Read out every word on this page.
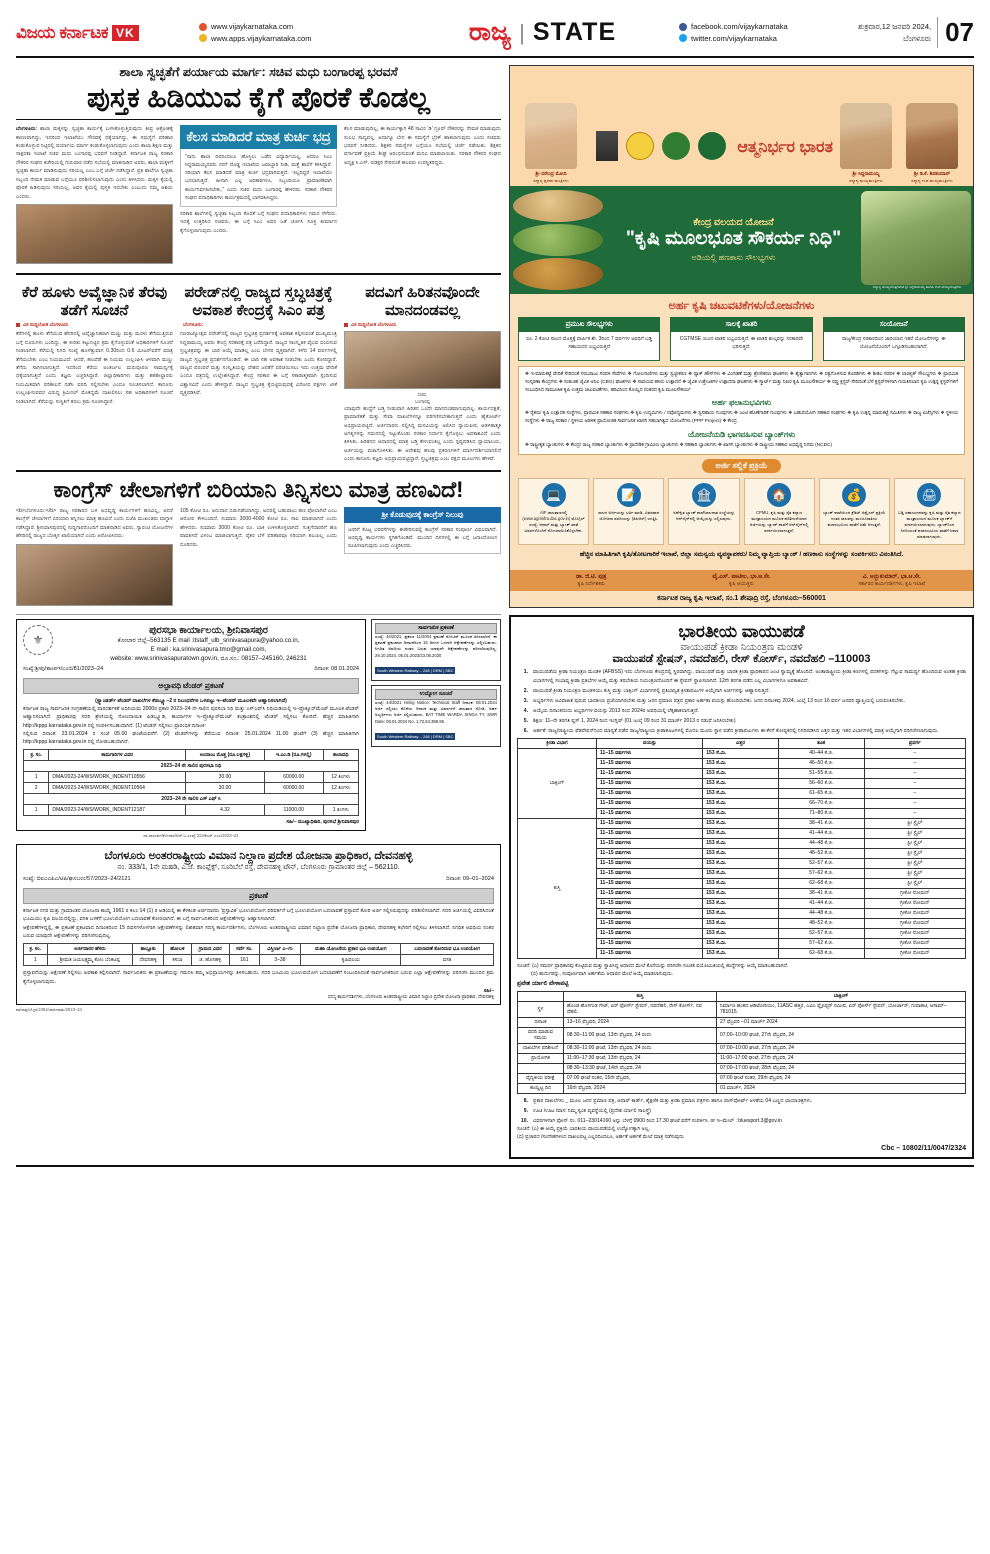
ವಿಜಯ ಕರ್ನಾಟಕ VK	www.vijaykarnataka.com
www.apps.vijaykarnataka.com	ರಾಜ್ಯ | STATE	facebook.com/vijaykarnataka
twitter.com/vijaykarnataka
ಶುಕ್ರವಾರ,12 ಜನವರಿ 2024,
ಬೆಂಗಳೂರು 07
ಶಾಲಾ ಸ್ವಚ್ಛತೆಗೆ ಪರ್ಯಾಯ ಮಾರ್ಗ: ಸಚಿವ ಮಧು ಬಂಗಾರಪ್ಪ ಭರವಸೆ
ಪುಸ್ತಕ ಹಿಡಿಯುವ ಕೈಗೆ ಪೊರಕೆ ಕೊಡಲ್ಲ
ಬೆಂಗಳೂರು: ಶಾಲಾ ಮಕ್ಕಳನ್ನು ಸ್ವಚ್ಛತಾ ಕಾರ್ಯಕ್ಕೆ ಬಳಸಿಕೊಳ್ಳುತ್ತಿರುವುದು ತೀವ್ರ ಆಕ್ರೋಶಕ್ಕೆ ಕಾರಣವಾಗಿದ್ದು, ಇದರಿಂದ ಇಲಾಖೆಯು ಗೌರವಕ್ಕೆ ಧಕ್ಕೆಯಾಗಿದ್ದು, ಈ ಸಮಸ್ಯೆಗೆ ಪರಿಹಾರ ಕಂಡುಕೊಳ್ಳುವ ನಿಟ್ಟಿನಲ್ಲಿ ಪರ್ಯಾಯ ಮಾರ್ಗ ಕಂಡುಕೊಳ್ಳಲಾಗುವುದು ಎಂದು ಶಾಲಾ ಶಿಕ್ಷಣ ಮತ್ತು ಸಾಕ್ಷರತಾ ಇಲಾಖೆ ಸಚಿವ ಮಧು ಬಂಗಾರಪ್ಪ ಭರವಸೆ ನೀಡಿದ್ದಾರೆ. ಕರ್ನಾಟಕ ರಾಜ್ಯ ಸರಕಾರಿ ನೌಕರರ ಸಂಘದ ಕಚೇರಿಯಲ್ಲಿ ಗುರುವಾರ ನಡೆದ ಸಭೆಯಲ್ಲಿ ಮಾತನಾಡಿದ ಅವರು, ಶಾಲಾ ಮಕ್ಕಳಿಗೆ ಸ್ವಚ್ಛತಾ ಕಾರ್ಯ ಮಾಡಿಸುವುದು ಸರಿಯಲ್ಲ ಎಂಬ ಬಗ್ಗೆ ಚರ್ಚೆ ನಡೆಸಿದ್ದಾರೆ. ಪ್ರತಿ ಶಾಲೆಗೂ ಸ್ವಚ್ಛತಾ ಸಿಬ್ಬಂದಿ ನೇಮಕ ಮಾಡುವ ಬಗ್ಗೆಯೂ ಪರಿಶೀಲಿಸಲಾಗುವುದು ಎಂದು ತಿಳಿಸಿದರು. ಮಕ್ಕಳ ಕೈಯಲ್ಲಿ ಪೊರಕೆ ಹಿಡಿಸುವುದು ಸರಿಯಲ್ಲ, ಅವರ ಕೈಯಲ್ಲಿ ಪುಸ್ತಕ ಇರಬೇಕು ಎಂಬುದು ನಮ್ಮ ಆಶಯ ಎಂದರು.
ಕೆಲಸ ಮಾಡಿದರೆ ಮಾತ್ರ ಕುರ್ಚಿ ಭದ್ರ
"ನಾನು ಶಾಲಾ ದಿನದಿಂದಲೂ ಹೊಸ್ತಿಲು ಒಡೆದ ವಿದ್ಯಾರ್ಥಿಯಲ್ಲ, ಆದರೂ ಸಿಎಂ ಸಿದ್ದರಾಮಯ್ಯನವರು ನನಗೆ ದೊಡ್ಡ ಇಲಾಖೆಯ ಜವಾಬ್ದಾರಿ ನೀಡಿ, ಮತ್ತೆ ಶಾಲೆಗೆ ಕಳಿಸಿದ್ದಾರೆ. ಸರಿಯಾಗಿ ಕೆಲಸ ಮಾಡಿದರೆ ಮಾತ್ರ ಕುರ್ಚಿ ಭದ್ರವಾಗಿರುತ್ತದೆ. ಇಲ್ಲದಿದ್ದರೆ ಇಲಾಖೆಯೇ ಬದಲಾಗುತ್ತದೆ. ಹೀಗಾಗಿ ಎಲ್ಲ ಅಧಿಕಾರಿಗಳೂ, ಸಿಬ್ಬಂದಿಯೂ ಪ್ರಾಮಾಣಿಕವಾಗಿ ಕಾರ್ಯನಿರ್ವಹಿಸಬೇಕು," ಎಂದು ಸಚಿವ ಮಧು ಬಂಗಾರಪ್ಪ ಹೇಳಿದರು. ಸರಕಾರಿ ನೌಕರರ ಸಂಘದ ಪದಾಧಿಕಾರಿಗಳು ಕಾರ್ಯಕ್ರಮದಲ್ಲಿ ಭಾಗವಹಿಸಿದ್ದರು.
ಸರಕಾರಿ ಶಾಲೆಗಳಲ್ಲಿ ಸ್ವಚ್ಛತಾ ಸಿಬ್ಬಂದಿ ಕೊರತೆ ಬಗ್ಗೆ ಸಂಘದ ಪದಾಧಿಕಾರಿಗಳು ಗಮನ ಸೆಳೆದರು. ಇದಕ್ಕೆ ಉತ್ತರಿಸಿದ ಸಚಿವರು, ಈ ಬಗ್ಗೆ ಸಿಎಂ ಅವರ ಜತೆ ಚರ್ಚಿಸಿ ಸೂಕ್ತ ತೀರ್ಮಾನ ಕೈಗೊಳ್ಳಲಾಗುವುದು ಎಂದರು.
ಕೆಲಸ ಮಾಡುವುದಿಲ್ಲ, ಈ ಕಾರ್ಯಕ್ಕಾಗಿ 48 ಸಾವಿರ 'ಡಿ' ಗ್ರೂಪ್ ನೌಕರರನ್ನು ನೇಮಕ ಮಾಡುವುದು ಸುಲಭ ಸಾಧ್ಯವಲ್ಲ. ಆದಾಗ್ಯೂ ಬೇಗ ಈ ಸಮಸ್ಯೆಗೆ ಬ್ರೇಕ್ ಹಾಕಲಾಗುವುದು ಎಂದು ಸಚಿವರು ಭರವಸೆ ನೀಡಿದರು. ಶಿಕ್ಷಕರ ಸಮಸ್ಯೆಗಳ ಬಗ್ಗೆಯೂ ಸಭೆಯಲ್ಲಿ ಚರ್ಚೆ ನಡೆಯಿತು. ಶಿಕ್ಷಕರ ವರ್ಗಾವಣೆ ಪ್ರಕ್ರಿಯೆ ಶೀಘ್ರ ಆರಂಭಿಸುವಂತೆ ಮನವಿ ಮಾಡಲಾಯಿತು. ಸರಕಾರಿ ನೌಕರರ ಸಂಘದ ಅಧ್ಯಕ್ಷ ಸಿ.ಎಸ್. ಷಡಕ್ಷರಿ ಸೇರಿದಂತೆ ಹಲವರು ಉಪಸ್ಥಿತರಿದ್ದರು.
ಕೆರೆ ಹೂಳು ಅವೈಜ್ಞಾನಿಕ ತೆರವು ತಡೆಗೆ ಸೂಚನೆ
ವಿಕ ಸುದ್ದಿಲೋಕ ಬೆಂಗಳೂರು
ಕೆರೆಗಳಲ್ಲಿ ಹೂಳು ತೆಗೆಯುವ ಹೆಸರಿನಲ್ಲಿ ಅವೈಜ್ಞಾನಿಕವಾಗಿ ಮಣ್ಣು ಮತ್ತು ಮರಳು ತೆಗೆಯುತ್ತಿರುವ ಬಗ್ಗೆ ದೂರುಗಳು ಬಂದಿದ್ದು, ಈ ಕುರಿತು ಕಟ್ಟುನಿಟ್ಟಿನ ಕ್ರಮ ಕೈಗೊಳ್ಳುವಂತೆ ಅಧಿಕಾರಿಗಳಿಗೆ ಸೂಚನೆ ನೀಡಲಾಗಿದೆ. ಕೆರೆಯಲ್ಲಿ ನಿಗದಿ ಸಂಖ್ಯೆ ಹೂಳೆತ್ತುವಾಗ 0.30ರಿಂದ 0.6 ಮೀಟರ್‌ವರೆಗೆ ಮಾತ್ರ ತೆಗೆಯಬೇಕು ಎಂಬ ನಿಯಮವಿದೆ. ಆದರೆ, ಹಲವೆಡೆ ಈ ನಿಯಮ ಉಲ್ಲಂಘಿಸಿ ಆಳವಾಗಿ ಮಣ್ಣು ತೆಗೆದು ಸಾಗಿಸಲಾಗುತ್ತಿದೆ. ಇದರಿಂದ ಕೆರೆಯ ಅಂತರ್ಜಲ ಮರುಪೂರಣ ಸಾಮರ್ಥ್ಯಕ್ಕೆ ಧಕ್ಕೆಯಾಗುತ್ತಿದೆ ಎಂದು ತಜ್ಞರು ಎಚ್ಚರಿಸಿದ್ದಾರೆ. ಜಿಲ್ಲಾಧಿಕಾರಿಗಳು ಮತ್ತು ತಹಶೀಲ್ದಾರರು ನಿಯಮಿತವಾಗಿ ಪರಿಶೀಲನೆ ನಡೆಸಿ ವರದಿ ಸಲ್ಲಿಸಬೇಕು ಎಂದೂ ಸೂಚಿಸಲಾಗಿದೆ. ಕಾನೂನು ಉಲ್ಲಂಘಿಸುವವರ ವಿರುದ್ಧ ಕ್ರಿಮಿನಲ್ ಮೊಕದ್ದಮೆ ದಾಖಲಿಸಲು ಸಹ ಅಧಿಕಾರಿಗಳಿಗೆ ಸೂಚನೆ ನೀಡಲಾಗಿದೆ. ಕೆರೆಯನ್ನು ಸುಸ್ಥಿತಿಗೆ ತರಲು ಕ್ರಮ ಸೂಚಿಸಿದ್ದಾರೆ.
ಪರೇಡ್‌ನಲ್ಲಿ ರಾಜ್ಯದ ಸ್ತಬ್ಧಚಿತ್ರಕ್ಕೆ ಅವಕಾಶ ಕೇಂದ್ರಕ್ಕೆ ಸಿಎಂ ಪತ್ರ
ಬೆಂಗಳೂರು:
ಗಣರಾಜ್ಯೋತ್ಸವ ಪರೇಡ್‌ನಲ್ಲಿ ರಾಜ್ಯದ ಸ್ತಬ್ಧಚಿತ್ರ ಪ್ರದರ್ಶನಕ್ಕೆ ಅವಕಾಶ ಕಲ್ಪಿಸುವಂತೆ ಮುಖ್ಯಮಂತ್ರಿ ಸಿದ್ದರಾಮಯ್ಯ ಅವರು ಕೇಂದ್ರ ಸರಕಾರಕ್ಕೆ ಪತ್ರ ಬರೆದಿದ್ದಾರೆ. ರಾಜ್ಯದ ಸಾಂಸ್ಕೃತಿಕ ವೈಭವ ಬಿಂಬಿಸುವ ಸ್ತಬ್ಧಚಿತ್ರವನ್ನು ಈ ಬಾರಿ ಆಯ್ಕೆ ಮಾಡಿಲ್ಲ ಎಂಬ ಬೇಸರ ವ್ಯಕ್ತವಾಗಿದೆ. ಕಳೆದ 14 ವರ್ಷಗಳಲ್ಲಿ ರಾಜ್ಯದ ಸ್ತಬ್ಧಚಿತ್ರ ಪ್ರದರ್ಶನಗೊಂಡಿದೆ. ಈ ಬಾರಿ ಸಹ ಅವಕಾಶ ನೀಡಬೇಕು ಎಂದು ಕೋರಿದ್ದಾರೆ. ರಾಜ್ಯದ ಪರಂಪರೆ ಮತ್ತು ಸಂಸ್ಕೃತಿಯನ್ನು ದೇಶದ ಜನತೆಗೆ ಪರಿಚಯಿಸಲು ಇದು ಉತ್ತಮ ವೇದಿಕೆ ಎಂದೂ ಪತ್ರದಲ್ಲಿ ಉಲ್ಲೇಖಿಸಿದ್ದಾರೆ. ಕೇಂದ್ರ ಸರಕಾರ ಈ ಬಗ್ಗೆ ಸಕಾರಾತ್ಮಕವಾಗಿ ಸ್ಪಂದಿಸುವ ವಿಶ್ವಾಸವಿದೆ ಎಂದು ಹೇಳಿದ್ದಾರೆ. ರಾಜ್ಯದ ಸ್ತಬ್ಧಚಿತ್ರ ಕೈಬಿಟ್ಟಿರುವುದಕ್ಕೆ ವಿರೋಧ ಪಕ್ಷಗಳು ಟೀಕೆ ವ್ಯಕ್ತಪಡಿಸಿವೆ.
ಪದವಿಗೆ ಹಿರಿತನವೊಂದೇ ಮಾನದಂಡವಲ್ಲ
ವಿಕ ಸುದ್ದಿಲೋಕ ಬೆಂಗಳೂರು
ಸಚಿವ,
ಬಂಗಾರಪ್ಪ
ಯಾವುದೇ ಹುದ್ದೆಗೆ ಬಡ್ತಿ ನೀಡುವಾಗ ಹಿರಿತನ ಒಂದೇ ಮಾನದಂಡವಾಗುವುದಿಲ್ಲ. ಕಾರ್ಯದಕ್ಷತೆ, ಪ್ರಾಮಾಣಿಕತೆ ಮತ್ತು ಸೇವಾ ದಾಖಲೆಗಳನ್ನೂ ಪರಿಗಣಿಸಬೇಕಾಗುತ್ತದೆ ಎಂದು ಹೈಕೋರ್ಟ್ ಅಭಿಪ್ರಾಯಪಟ್ಟಿದೆ. ಅರ್ಜಿದಾರರು ಸಲ್ಲಿಸಿದ್ದ ಮನವಿಯನ್ನು ಆಲಿಸಿದ ನ್ಯಾಯಪೀಠ, ಆಡಳಿತಾತ್ಮಕ ಅಗತ್ಯಗಳನ್ನು ಗಮನದಲ್ಲಿ ಇಟ್ಟುಕೊಂಡು ಸರಕಾರ ನಿರ್ಧಾರ ಕೈಗೊಳ್ಳಲು ಅವಕಾಶವಿದೆ ಎಂದು ತಿಳಿಸಿತು. ಹಿರಿತನದ ಆಧಾರದಲ್ಲಿ ಮಾತ್ರ ಬಡ್ತಿ ಕೇಳುವಂತಿಲ್ಲ ಎಂದು ಸ್ಪಷ್ಟಪಡಿಸಿದ ನ್ಯಾಯಾಲಯ, ಅರ್ಜಿಯನ್ನು ವಜಾಗೊಳಿಸಿತು. ಈ ಆದೇಶವು ಹಲವು ಪ್ರಕರಣಗಳಿಗೆ ಮಾರ್ಗದರ್ಶಿಯಾಗಲಿದೆ ಎಂದು ಕಾನೂನು ತಜ್ಞರು ಅಭಿಪ್ರಾಯಪಟ್ಟಿದ್ದಾರೆ. ಸ್ತಬ್ಧಚಿತ್ರವು ಎಂಬ ಪಕ್ಷದ ಮೂಲಗಳು ಹೇಳಿವೆ.
ಕಾಂಗ್ರೆಸ್ ಚೇಲಾಗಳಿಗೆ ಬಿರಿಯಾನಿ ತಿನ್ನಿಸಲು ಮಾತ್ರ ಹಣವಿದೆ!
<b>ಬೆಂಗಳೂರು:</b> ರಾಜ್ಯ ಸರಕಾರದ ಬಳಿ ಅಭಿವೃದ್ಧಿ ಕಾರ್ಯಗಳಿಗೆ ಹಣವಿಲ್ಲ, ಆದರೆ ಕಾಂಗ್ರೆಸ್ ಚೇಲಾಗಳಿಗೆ ಬಿರಿಯಾನಿ ತಿನ್ನಿಸಲು ಮಾತ್ರ ಹಣವಿದೆ ಎಂದು ಬಿಜೆಪಿ ಮುಖಂಡರು ವಾಗ್ದಾಳಿ ನಡೆಸಿದ್ದಾರೆ. ಶ್ರೀನಿವಾಸಪುರದಲ್ಲಿ ಸುದ್ದಿಗಾರರೊಂದಿಗೆ ಮಾತನಾಡಿದ ಅವರು, ಗ್ಯಾರಂಟಿ ಯೋಜನೆಗಳ ಹೆಸರಿನಲ್ಲಿ ರಾಜ್ಯದ ಬೊಕ್ಕಸ ಖಾಲಿಯಾಗಿದೆ ಎಂದು ಆರೋಪಿಸಿದರು.
105 ಕೋಟಿ ರೂ. ಅನುದಾನ ಬಿಡುಗಡೆಯಾಗಿದ್ದು, ಅದರಲ್ಲಿ ಬಹುಪಾಲು ಹಣ ಪೋಲಾಗಿದೆ ಎಂಬ ಆರೋಪ ಕೇಳಿಬಂದಿದೆ. ಸುಮಾರು 3000-4000 ಕೋಟಿ ರೂ. ಸಾಲ ಮಾಡಲಾಗಿದೆ ಎಂದು ಹೇಳಿದರು. ಸುಮಾರು 3000 ಕೋಟಿ ರೂ. ಬಾಕಿ ಉಳಿಸಿಕೊಳ್ಳಲಾಗಿದೆ. ಗುತ್ತಿಗೆದಾರರಿಗೆ ಹಣ ಪಾವತಿಸದೆ ವಿಳಂಬ ಮಾಡಲಾಗುತ್ತಿದೆ. ರೈತರ ಬೆಳೆ ಪರಿಹಾರವೂ ಸರಿಯಾಗಿ ತಲುಪಿಲ್ಲ ಎಂದು ದೂರಿದರು.
ಶ್ರೀ ಕೊಡುವುದಕ್ಕೆ ಕಾಂಗ್ರೆಸ್ ನಿಲುವು
ಜನರಿಗೆ ಕೊಟ್ಟ ಭರವಸೆಗಳನ್ನು ಈಡೇರಿಸುವಲ್ಲಿ ಕಾಂಗ್ರೆಸ್ ಸರಕಾರ ಸಂಪೂರ್ಣ ವಿಫಲವಾಗಿದೆ. ಅಭಿವೃದ್ಧಿ ಕಾರ್ಯಗಳು ಸ್ಥಗಿತಗೊಂಡಿವೆ. ಮುಂದಿನ ದಿನಗಳಲ್ಲಿ ಈ ಬಗ್ಗೆ ಜನಾಂದೋಲನ ರೂಪಿಸಲಾಗುವುದು ಎಂದು ಎಚ್ಚರಿಸಿದರು.
⚜
ಪುರಸಭಾ ಕಾರ್ಯಾಲಯ, ಶ್ರೀನಿವಾಸಪುರ
ಕೋಲಾರ ಜಿಲ್ಲೆ–563135 E mail :itstaff_ulb_srinivasapura@yahoo.co.in,
E mail : ka.srinivasapura.tmo@gmail.com,
website: www.srinivasapuratown.gov.in, ದೂ.ಸಂ.: 08157–245160, 246231
ಸಂಖ್ಯೆ:ಶ್ರೀಪು/ತಾಂಪಇ/ಎಂಬಿ/81/2023–24	ದಿನಾಂಕ: 08.01.2024
ಅಲ್ಪಾವಧಿ ಟೆಂಡರ್ ಪ್ರಕಟಣೆ
(ಸ್ಟ್ಯಾಂಡರ್ಡ್ ಟೆಂಡರ್ ದಾಖಲೆಗಳ ಕೆಡಬ್ಲ್ಯೂ–2 ರ ನಿಬಂಧನೆಗಳ ಒಳಪಟ್ಟು ಇ–ಟೆಂಡರ್ ಮೂಲಕವೇ ಆಹ್ವಾನಿಸಲಾಗಿದೆ)
ಕರ್ನಾಟಕ ರಾಜ್ಯ ಸಾರ್ವಜನಿಕ ಸಂಗ್ರಹಣೆಯಲ್ಲಿ ಪಾರದರ್ಶಕತೆ ಅಧಿನಿಯಮ 2000ರ ಪ್ರಕಾರ 2023–24 ನೇ ಸಾಲಿನ ಪುರಸಭಾ ನಿಧಿ ಮತ್ತು ಎಸ್‌ಎಫ್‌ಸಿ ನಿಧಿಯಡಿಯಲ್ಲಿ ಇ–ಪ್ರೊಕ್ಯೂರ್‌ಮೆಂಟ್ ಮೂಲಕ ಟೆಂಡರ್ ಆಹ್ವಾನಿಸಲಾಗಿದೆ. ಪ್ರಾಧಿಕಾರವು ಸದರಿ ಶ್ರೇಣಿಯಲ್ಲಿ ನೋಂದಾಯಿತ ಪಿಡಬ್ಲ್ಯೂಡಿ, ಕಾರ್ಯಾಗಳ ಇ–ಪ್ರೊಕ್ಯೂರ್‌ಮೆಂಟ್ ತಂತ್ರಾಂಶದಲ್ಲಿ ಟೆಂಡರ್ ಸಲ್ಲಿಸಲು ಕೋರಿದೆ. ಹೆಚ್ಚಿನ ಮಾಹಿತಿಗಾಗಿ http://kppp.karnataka.gov.in ನಲ್ಲಿ ಸಂಪರ್ಕಿಸಬಹುದಾಗಿದೆ. (1) ಟೆಂಡರ್ ಸಲ್ಲಿಸಲು ಪ್ರಾರಂಭಿಕ ದಿನಾಂಕ:
ಸಲ್ಲಿಸುವ ದಿನಾಂಕ: 23.01.2024 ರ ಸಂಜೆ 05.00 ಘಂಟೆಯವರೆಗೆ. (2) ಟೆಂಡರ್‌ಗಳನ್ನು ತೆರೆಯುವ ದಿನಾಂಕ: 25.01.2024 11.00 ಘಂಟೆಗೆ (3) ಹೆಚ್ಚಿನ ಮಾಹಿತಿಗಾಗಿ http://kppp.karnataka.gov.in ನಲ್ಲಿ ನೋಡಬಹುದಾಗಿದೆ.
ಕ್ರ. ಸಂ.	ಕಾಮಗಾರಿಗಳ ವಿವರ	ಅಂದಾಜು ಮೊತ್ತ (ರೂ.ಲಕ್ಷಗಳ್ಲಿ)	ಇ.ಎಂ.ಡಿ (ರೂ.ಗಳಲ್ಲಿ)	ಕಾಲಾವಧಿ
2023–24 ನೇ ಸಾಲಿನ ಪುರಸಭಾ ನಿಧಿ				
1	DMA/2023-24/WS/WORK_INDENT10556	30.00	60000.00	12 ತಿಂಗಳು
2	DMA/2023-24/WS/WORK_INDENT10564	30.00	60000.00	12 ತಿಂಗಳು
2023–24 ನೇ ಸಾಲಿನ ಎಸ್ ಎಫ್ ಸಿ				
1	DMA/2023-24/WS/WORK_INDENT12187	4.32	11000.00	1 ತಿಂಗಳು
ಸಹಿ/– ಮುಖ್ಯಾಧಿಕಾರಿ, ಪುರಸಭೆ ಶ್ರೀನಿವಾಸಪುರ
ದಾ:ಸಾಸಂರ್ಪ/ಕೋಲಾರ/ಆರ್.ಓ.ಸಂಖ್ಯೆ:311/ಕೆಎಸ್ ಎಂಎ/2023–24
ಸಾರ್ವಜನಿಕ ಪ್ರಕಟಣೆ
ಸಂಖ್ಯೆ: 44/2021, ಪ್ರಕರಣ 11/2004 ಪ್ರಕಟಣೆ ನೋಟಿಸ್ ಮೂಲಕ ತಿಳಿಸಲಾಗಿದೆ. ಈ ಪ್ರಕಟಣೆ ಪ್ರಕಟವಾದ ದಿನಾಂಕದಿಂದ 15 ದಿನಗಳ ಒಳಗಾಗಿ ಆಕ್ಷೇಪಣೆಗಳನ್ನು ಸಲ್ಲಿಸಬಹುದು. ನಿಗದಿತ ಅವಧಿಯ ನಂತರ ಬರುವ ಯಾವುದೇ ಆಕ್ಷೇಪಣೆಗಳನ್ನು ಪರಿಗಣಿಸುವುದಿಲ್ಲ. 29.10.2024, 05.01.2023/23.08.2020
South Western Railway – 248 | DRM | SBC
ಉದ್ಯೋಗ ಸೂಚನೆ
ಸಂಖ್ಯೆ: 44/2021 Hiring Notice: Technical Staff ದಿನಾಂಕ: 08.01.2024 ಅರ್ಜಿ ಸಲ್ಲಿಸಲು ಕೊನೆಯ ದಿನಾಂಕ ಮತ್ತು ವಿವರಗಳಿಗೆ ಜಾಲತಾಣ ನೋಡಿ. ಅರ್ಹ ಅಭ್ಯರ್ಥಿಗಳು ಅರ್ಜಿ ಸಲ್ಲಿಸಬಹುದು. BAT TIME WARDA SINGA TY, SWR Date: 08.01.2024 No. 1,72,64,398.95
South Western Railway – 248 | DRM | SBC
ಬೆಂಗಳೂರು ಅಂತರರಾಷ್ಟ್ರೀಯ ವಿಮಾನ ನಿಲ್ದಾಣ ಪ್ರದೇಶ ಯೋಜನಾ ಪ್ರಾಧಿಕಾರ, ದೇವನಹಳ್ಳಿ
ನಂ. 333/1, 1ನೇ ಮಹಡಿ, ಎ.ಜೆ. ಕಾಂಪ್ಲೆಕ್ಸ್, ಸೂರಿಬೆಲೆ ರಸ್ತೆ, ದೇವನಹಳ್ಳಿ ಟೌನ್, ಬೆಂಗಳೂರು ಗ್ರಾಮಾಂತರ ಜಿಲ್ಲೆ – 562110.
ಸಂಖ್ಯೆ: ಬಿಐಎಎಪಿಎ/ಟಿಪಿ/ಘೂಬಉ/57/2023–24/2121	ದಿನಾಂಕ: 09–01–2024
ಪ್ರಕಟಣೆ
ಕರ್ನಾಟಕ ನಗರ ಮತ್ತು ಗ್ರಾಮಾಂತರ ಯೋಜನಾ ಕಾಯ್ದೆ 1961 ರ ಕಲಂ 14 (1) ರ ಅಡಿಯಲ್ಲಿ ಈ ಕೆಳಕಂಡ ಅರ್ಜಿದಾರರು 'ಪ್ರಸ್ತಾವಿತ' ಭೂಉಪಯೋಗ ಪರಿವರ್ತನೆ ಬಗ್ಗೆ ಭೂಉಪಯೋಗ ಬದಲಾವಣೆ ಪ್ರಸ್ತಾವನೆ ಕೋರಿ ಅರ್ಜಿ ಸಲ್ಲಿಸಿರುವುದನ್ನು ಪರಿಶೀಲಿಸಲಾಗಿದೆ. ಸದರಿ ಅರ್ಜಿಯಲ್ಲಿ ವಿವರಿಸಿದಂತೆ ಭೂಮಿಯು ಕೃಷಿ ವಲಯದಲ್ಲಿದ್ದು, ವಸತಿ ಬಳಕೆಗೆ ಭೂಉಪಯೋಗ ಬದಲಾವಣೆ ಕೋರಲಾಗಿದೆ. ಈ ಬಗ್ಗೆ ಸಾರ್ವಜನಿಕರಿಂದ ಆಕ್ಷೇಪಣೆಗಳನ್ನು ಆಹ್ವಾನಿಸಲಾಗಿದೆ.
ಆಕ್ಷೇಪಣೆಗಳಿದ್ದಲ್ಲಿ, ಈ ಪ್ರಕಟಣೆ ಪ್ರಕಟವಾದ ದಿನಾಂಕದಿಂದ 15 ದಿವಸಗಳೊಳಗಾಗಿ ಆಕ್ಷೇಪಣೆಗಳನ್ನು ಲಿಖಿತವಾಗಿ ಸದಸ್ಯ ಕಾರ್ಯದರ್ಶಿಗಳು, ಬೆಂಗಳೂರು ಅಂತರರಾಷ್ಟ್ರೀಯ ವಿಮಾನ ನಿಲ್ದಾಣ ಪ್ರದೇಶ ಯೋಜನಾ ಪ್ರಾಧಿಕಾರ, ದೇವನಹಳ್ಳಿ ಕಛೇರಿಗೆ ಸಲ್ಲಿಸಲು ತಿಳಿಸಲಾಗಿದೆ. ನಿಗಧಿತ ಅವಧಿಯ ನಂತರ ಬರುವ ಯಾವುದೇ ಆಕ್ಷೇಪಣೆಗಳನ್ನು ಪರಿಗಣಿಸುವುದಿಲ್ಲ.
ಕ್ರ. ಸಂ.	ಅರ್ಜಿದಾರರ ಹೆಸರು	ತಾಲ್ಲೂಕು	ಹೋಬಳಿ	ಗ್ರಾಮದ ವಿವರ	ಸರ್ವೆ ಸಂ.	ವಿಸ್ತೀರ್ಣ ಎ–ಗು	ಮಹಾ ಯೋಜನೆಯ ಪ್ರಕಾರ ಭೂ ಉಪಯೋಗ	ಬದಲಾವಣೆ ಕೋರಿರುವ ಭೂ ಉಪಯೋಗ
1	ಶ್ರೀಮತಿ ಜಯಲಕ್ಷ್ಮಮ್ಮ ಕೋಂ ಬೆಂಕಟಪ್ಪ	ದೇವನಹಳ್ಳಿ	ಕಸಬಾ	ಜಿ. ಹೊಸಹಳ್ಳಿ	161	3–38	ಕೃಷಿವಲಯ	ವಸತಿ
ಪ್ರಸ್ತಾವನೆಯನ್ನು ಆಕ್ಷೇಪಣೆ ಸಲ್ಲಿಸಲು ಅವಕಾಶ ಕಲ್ಪಿಸಲಾಗಿದೆ. ಸಾರ್ವಜನಿಕರು ಈ ಪ್ರಕಟಣೆಯನ್ನು ಗಮನಿಸಿ ತಮ್ಮ ಅಭಿಪ್ರಾಯಗಳನ್ನು ತಿಳಿಸಬಹುದು. ಸದರಿ ಭೂಮಿಯ ಭೂಉಪಯೋಗ ಬದಲಾವಣೆಗೆ ಸಂಬಂಧಿಸಿದಂತೆ ಸಾರ್ವಜನಿಕರಿಂದ ಬರುವ ಎಲ್ಲಾ ಆಕ್ಷೇಪಣೆಗಳನ್ನು ಪರಿಗಣಿಸಿ ಮುಂದಿನ ಕ್ರಮ ಕೈಗೊಳ್ಳಲಾಗುವುದು.
ಸಹಿ/–
ಸದಸ್ಯ ಕಾರ್ಯದರ್ಶಿಗಳು, ಬೆಂಗಳೂರು ಅಂತರರಾಷ್ಟ್ರೀಯ ವಿಮಾನ ನಿಲ್ದಾಣ ಪ್ರದೇಶ ಯೋಜನಾ ಪ್ರಾಧಿಕಾರ, ದೇವನಹಳ್ಳಿ
ವಾ/ಸಾಪ್ರ/ಬೆ.ಗ್ರಾ/2484/ಜಾಹೀರಾತು/2023–24
ಶ್ರೀ ನರೇಂದ್ರ ಮೋದಿ
ಸನ್ಮಾನ್ಯ ಪ್ರಧಾನ ಮಂತ್ರಿಗಳು
ಆತ್ಮನಿರ್ಭರ ಭಾರತ
ಶ್ರೀ ಸಿದ್ದರಾಮಯ್ಯ
ಸನ್ಮಾನ್ಯ ಮುಖ್ಯಮಂತ್ರಿಗಳು
ಶ್ರೀ ಡಿ.ಕೆ. ಶಿವಕುಮಾರ್
ಸನ್ಮಾನ್ಯ ಉಪ ಮುಖ್ಯಮಂತ್ರಿಗಳು
ಕೇಂದ್ರ ವಲಯದ ಯೋಜನೆ
"ಕೃಷಿ ಮೂಲಭೂತ ಸೌಕರ್ಯ ನಿಧಿ"
ಅಡಿಯಲ್ಲಿ ಹಣಕಾಸು ಸೌಲಭ್ಯಗಳು
ಸನ್ಮಾನ್ಯ ಮುಖ್ಯಮಂತ್ರಿಗಳಾದ ಶ್ರೀ ಸಿದ್ದರಾಮಯ್ಯ ಹಾಗೂ ಉಪ ಮುಖ್ಯಮಂತ್ರಿಗಳು
ಅರ್ಹ ಕೃಷಿ ಚಟುವಟಿಕೆಗಳು/ಯೋಜನೆಗಳು
ಪ್ರಮುಖ ಸೌಲಭ್ಯಗಳು
ರೂ. 2 ಕೋಟಿ ಸಾಲದ ಮೊತ್ತಕ್ಕೆ ವಾರ್ಷಿಕ ಶೇ. 3ರಿಂದ 7 ವರ್ಷಗಳ ಅವಧಿಗೆ ಬಡ್ಡಿ ಸಹಾಯಧನ ಲಭ್ಯವಿರುತ್ತದೆ
ಸಾಲಕ್ಕೆ ಖಾತರಿ
CGTMSE ಯಿಂದ ಖಾತರಿ ಲಭ್ಯವಿರುತ್ತದೆ. ಈ ಖಾತರಿ ಶುಲ್ಕವನ್ನು ಸರಕಾರವೇ ಭರಿಸುತ್ತದೆ.
ಸಂಯೋಜನೆ
ರಾಜ್ಯ/ಕೇಂದ್ರ ಸರಕಾರದಿಂದ ಜಾರಿಯಾದ ಇತರೆ ಯೋಜನೆಗಳನ್ನು ಈ ಯೋಜನೆಯೊಂದಿಗೆ ಒಗ್ಗೂಡಿಸಬಹುದಾಗಿದೆ.
❖ ಇ-ಮಾರುಕಟ್ಟೆ ವೇದಿಕೆ ಸೇರಿದಂತೆ ಸರಬರಾಜು ಸರಪಳಿ ಸೇವೆಗಳು ❖ ಗೋಲಗಾಣಿಗಳು ಮತ್ತು ಸ್ವಚ್ಛೀಕರಣ ❖ ಪ್ಯಾಕ್ ಹೌಸ್‌ಗಳು ❖ ವಿಂಗಡಣೆ ಮತ್ತು ಶ್ರೇಣೀಕರಣ ಘಟಕಗಳು ❖ ಶೈತ್ಯಾಗಾರಗಳು ❖ ಪಕ್ವಗೊಳಿಸುವ ಕೊಠಡಿಗಳು ❖ ಶೀತಲ ಸರಪಳಿ ❖ ಲಾಜಿಸ್ಟಿಕ್ ಸೌಲಭ್ಯಗಳು ❖ ಪ್ರಾಥಮಿಕ ಸಂಸ್ಕರಣಾ ಕೇಂದ್ರಗಳು ❖ ಸಂಕುಚಿತ ಜೈವಿಕ ಅನಿಲ (CBG) ಘಟಕಗಳು ❖ ಸಾವಯವ ಹಸಿರು ಉತ್ಪಾದನೆ ❖ ಜೈವಿಕ ಉತ್ತೇಜಕಗಳ ಉತ್ಪಾದನಾ ಘಟಕಗಳು ❖ ಸ್ಮಾರ್ಟ್ ಮತ್ತು ನಿಖರ ಕೃಷಿ ಮೂಲಸೌಕರ್ಯ ❖ ರಫ್ತು ಕ್ಲಸ್ಟರ್ ಸೇರಿದಂತೆ ಬೆಳೆ ಕ್ಲಸ್ಟರ್‌ಗಳಿಗಾಗಿ ಗುರುತಿಸಲಾದ ಕೃಷಿ ಉತ್ಪನ್ನ ಕ್ಲಸ್ಟರ್‌ಗಳಿಗೆ ಸಂಬಂಧಿಸಿದ ಸಾಮೂಹಿಕ ಕೃಷಿ ಉತ್ತಮ ಚಟುವಟಿಕೆಗಳು, ಹರಿವಿನಿಂದ ಕೊಯ್ಲಿನ ನಂತರದ ಕೃಷಿ ಮೂಲಸೌಕರ್ಯ
ಅರ್ಹ ಫಲಾನುಭವಿಗಳು
❖ ರೈತರು/ ಕೃಷಿ ಉತ್ಪಾದಕ ಸಂಸ್ಥೆಗಳು, ಪ್ರಾಥಮಿಕ ಸಹಕಾರ ಸಂಘಗಳು ❖ ಕೃಷಿ ಉದ್ಯಮಿಗಳು / ನವೋದ್ಯಮಗಳು ❖ ಸ್ವಸಹಾಯ ಗುಂಪುಗಳು ❖ ಜಂಟಿ ಹೊಣೆಗಾರಿಕೆ ಗುಂಪುಗಳು ❖ ಬಹುಪಯೋಗಿ ಸಹಕಾರ ಸಂಘಗಳು ❖ ಕೃಷಿ ಉತ್ಪನ್ನ ಮಾರುಕಟ್ಟೆ ಸಮಿತಿಗಳು ❖ ರಾಜ್ಯ ಏಜೆನ್ಸಿಗಳು ❖ ಸ್ಥಳೀಯ ಸಂಸ್ಥೆಗಳು ❖ ರಾಜ್ಯ ಸರಕಾರ / ಸ್ಥಳೀಯ ಆಡಳಿತ ಪ್ರಾಯೋಜಿತ ಸಾರ್ವಜನಿಕ ಖಾಸಗಿ ಸಹಭಾಗಿತ್ವದ ಯೋಜನೆಗಳು (PPP Project) ❖ ಕೇಂದ್ರ
ಯೋಜನೆಯಡಿ ಭಾಗವಹಿಸುವ ಬ್ಯಾಂಕ್‌ಗಳು
❖ ರಾಷ್ಟ್ರೀಕೃತ ಬ್ಯಾಂಕುಗಳು ❖ ಕೇಂದ್ರ/ ರಾಜ್ಯ ಸರಕಾರಿ ಬ್ಯಾಂಕುಗಳು ❖ ಪ್ರಾದೇಶಿಕ ಗ್ರಾಮೀಣ ಬ್ಯಾಂಕುಗಳು ❖ ಸಹಕಾರಿ ಬ್ಯಾಂಕುಗಳು ❖ ಖಾಸಗಿ ಬ್ಯಾಂಕುಗಳು ❖ ರಾಷ್ಟ್ರೀಯ ಸಹಕಾರ ಅಭಿವೃದ್ಧಿ ನಿಗಮ (NCDC)
ಅರ್ಜಿ ಸಲ್ಲಿಕೆ ಪ್ರಕ್ರಿಯೆ
💻
AIF ಜಾಲತಾಣದಲ್ಲಿ (www.agriinfra.dac.gov.in) ಮೊಬೈಲ್ ಸಂಖ್ಯೆ, ಆಧಾರ್ ಮತ್ತು ಬ್ಯಾಂಕ್ ಖಾತೆ ವಿವರಗಳೊಂದಿಗೆ ನೋಂದಾಯಿಸಿಕೊಳ್ಳಬೇಕು.
📝
ಸಾಲದ ಅರ್ಜಿಯನ್ನು ಭರ್ತಿ ಮಾಡಿ, ವಿವರವಾದ ಯೋಜನಾ ವರದಿಯನ್ನು (ಡಿಪಿಆರ್) ಲಗತ್ತಿಸಿ.
🏦
ಅಪೇಕ್ಷಿತ ಬ್ಯಾಂಕ್ ಶಾಖೆ/ಸಾಲದಾತ ಸಂಸ್ಥೆಯನ್ನು ಆನ್‌ಲೈನ್‌ನಲ್ಲಿ ಆಯ್ಕೆಯನ್ನು ಸಲ್ಲಿಸುವುದು.
🏠
CPMU, ಕೃಷಿ ಮತ್ತು ರೈತ ಕಲ್ಯಾಣ ಮಂತ್ರಾಲಯದ ಮೂಲಕ ಪರಿಶೀಲನೆಯಾದ ಅರ್ಜಿಯನ್ನು ಬ್ಯಾಂಕ್ ಶಾಖೆಗೆ ಆನ್‌ಲೈನ್‌ನಲ್ಲಿ ವರ್ಗಾಯಿಸಲಾಗುತ್ತದೆ.
💰
ಬ್ಯಾಂಕ್ ಶಾಖೆಯಿಂದ ಕ್ರೆಡಿಟ್ ಅಪ್ರೈಸಲ್ ಪ್ರಕ್ರಿಯೆ ನಂತರ ಸಾಲವನ್ನು ಮಂಜೂರಾತಿಯ ಫಲಾನುಭವಿಯ ಖಾತೆಗೆ ಜಮೆ ಆಗುತ್ತದೆ.
🖨
ಬಡ್ಡಿ ಸಹಾಯಧನವನ್ನು ಕೃಷಿ ಮತ್ತು ರೈತ ಕಲ್ಯಾಣ ಮಂತ್ರಾಲಯದ ಮೂಲಕ ಬ್ಯಾಂಕ್‌ಗೆ ವರ್ಗಾಯಿಸಲಾಗುವುದು. ಬ್ಯಾಂಕ್‌ನಿಂದ ನಿಗದಿಯಂತೆ ಫಲಾನುಭವಿಯ ಖಾತೆಗೆ ಜಮಾ ಮಾಡಲಾಗುವುದು.
ಹೆಚ್ಚಿನ ಮಾಹಿತಿಗಾಗಿ ಕೃಷಿ/ತೋಟಗಾರಿಕೆ ಇಲಾಖೆ, ಜಿಲ್ಲಾ ಸಮನ್ವಯ ವ್ಯವಸ್ಥಾಪಕರು/ ನಿಮ್ಮ ವ್ಯಾಪ್ತಿಯ ಬ್ಯಾಂಕ್ / ಹಣಕಾಸು ಸಂಸ್ಥೆಗಳನ್ನು ಸಂಪರ್ಕಿಸಲು ವಿನಂತಿಸಿದೆ.
ಡಾ. ಜಿ.ಟಿ. ಪುತ್ರ
ಕೃಷಿ ನಿರ್ದೇಶಕರು
ವೈ.ಎಸ್. ಪಾಟೀಲ, ಭಾ.ಆ.ಸೇ.
ಕೃಷಿ ಆಯುಕ್ತರು
ವಿ. ಅನ್ಬುಕುಮಾರ್, ಭಾ.ಆ.ಸೇ.
ಸರ್ಕಾರದ ಕಾರ್ಯದರ್ಶಿಗಳು, ಕೃಷಿ ಇಲಾಖೆ
ಕರ್ನಾಟಕ ರಾಜ್ಯ ಕೃಷಿ ಇಲಾಖೆ, ಸಂ.1 ಶೇಷಾದ್ರಿ ರಸ್ತೆ, ಬೆಂಗಳೂರು–560001
ಭಾರತೀಯ ವಾಯುಪಡೆ
ವಾಯುಪಡೆ ಕ್ರೀಡಾ ನಿಯಂತ್ರಣ ಮಂಡಳಿ
ವಾಯುಪಡೆ ಸ್ಟೇಷನ್, ನವದೆಹಲಿ, ರೇಸ್ ಕೋರ್ಸ್, ನವದೆಹಲಿ –110003
1. ವಾಯುಪಡೆಯ ಕ್ರೀಡಾ ನಿಯಂತ್ರಣ ಮಂಡಳಿ (AFBSS) ಇದು ಬೆಂಗಳೂರು ಕೇಂದ್ರದಲ್ಲಿ ಸ್ಥಿರವಾಗಿದ್ದು, ವಾಯುಪಡೆ ಮತ್ತು ಭಾರತ ಕ್ರೀಡಾ ಪ್ರಾಧಿಕಾರದ ಜಂಟಿ ಸ್ವಾಮ್ಯಕ್ಕೆ ಹೊಂದಿದೆ. ಅಂತಾರಾಷ್ಟ್ರೀಯ ಕ್ರೀಡಾ ಕಣಗಳಲ್ಲಿ ಪದಕಗಳನ್ನು ಗೆಲ್ಲುವ ಸಾಮರ್ಥ್ಯ ಹೊಂದಿರುವ ಅಂತಹ ಕ್ರೀಡಾ ವಿಭಾಗಗಳಲ್ಲಿ ಸಂಭಾವ್ಯ ಕ್ರೀಡಾ ಪ್ರತಿಭೆಗಳ ಆಯ್ಕೆ ಮತ್ತು ತರಬೇತಿಯ ನಿಯಂತ್ರಣದೊಂದಿಗೆ ಈ ಸ್ಟೇಷನ್ ಸ್ಥಾಪಿಸಲಾಗಿದೆ. 12ನೇ ತರಗತಿ ಪಡೆದ ಎಲ್ಲ ವಿಭಾಗಗಳಿಗೂ ಅವಕಾಶವಿದೆ.
2. ವಾಯುಪಡೆ ಕ್ರೀಡಾ ನಿಯಂತ್ರಣ ಮಂಡಳಿಯು ಕುಸ್ತಿ ಮತ್ತು ಬಾಕ್ಸಿಂಗ್ ವಿಭಾಗಗಳಲ್ಲಿ ಪ್ರತಿಭಾನ್ವಿತ ಕ್ರೀಡಾಪಟುಗಳ ಆಯ್ಕೆಗಾಗಿ ಅರ್ಜಿಗಳನ್ನು ಆಹ್ವಾನಿಸುತ್ತದೆ.
3. ಅಭ್ಯರ್ಥಿಗಳು ಅವಿವಾಹಿತ ಪುರುಷ ಭಾರತೀಯ ಪ್ರಜೆಯಾಗಿರಬೇಕು ಮತ್ತು ಜನನ ಪ್ರಮಾಣ ಪತ್ರದ ಪ್ರಕಾರ ಅರ್ಹತಾ ವಯಸ್ಸು ಹೊಂದಿರಬೇಕು. ಜನನ ದಿನಾಂಕವು 2024, ಜುಲೈ 13 ರಿಂದ 16 ವರ್ಷ ಜನವರಿ ವ್ಯಾಪ್ತಿಯಲ್ಲಿ ಬರುವಂತಿರಬೇಕು.
4. ಆಯ್ಕೆಯ ದಿನಾಂಕದಂದು ಅಭ್ಯರ್ಥಿಗಳ ವಯಸ್ಸು 2013 ರಿಂದ 2024ರ ಅವಧಿಯಲ್ಲಿ ಲೆಕ್ಕಹಾಕಲಾಗುತ್ತದೆ.
5. ಶಿಕ್ಷಣ: 11–ನೇ ತರಗತಿ ಪ್ಲಸ್ 1, 2024 ರಿಂದ ಇಂಗ್ಲಿಷ್ (01 ಜುಲೈ 09 ರಿಂದ 31 ಮಾರ್ಚ್ 2013 ರ ನಡುವೆ ಜನಿಸಿರಬೇಕು)
6. ಅರ್ಹತೆ: ರಾಜ್ಯ/ರಾಷ್ಟ್ರೀಯ ಫೆಡರೇಷನ್‌ನಿಂದ ಮಾನ್ಯತೆ ಪಡೆದ ರಾಜ್ಯ/ರಾಷ್ಟ್ರೀಯ ಕ್ರೀಡಾಕೂಟಗಳಲ್ಲಿ ಮೊದಲ ಮೂರು ಸ್ಥಾನ ಪಡೆದ ಕ್ರೀಡಾಪಟುಗಳು ಈ ಕೆಳಗೆ ಕೋಷ್ಟಕದಲ್ಲಿ ನಿಗದಿಪಡಿಸಿದ ಎತ್ತರ ಮತ್ತು ಇತರ ವಿಭಾಗಗಳಲ್ಲಿ ಮಾತ್ರ ಆಯ್ಕೆಗಾಗಿ ಪರಿಗಣಿಸಲಾಗುವುದು.
ಕ್ರೀಡಾ ವಿಭಾಗ	ವಯಸ್ಸು	ಎತ್ತರ	ತೂಕ	ಪ್ರವರ್ಗ
ಬಾಕ್ಸಿಂಗ್	11–15 ವರ್ಷಗಳು	153 ಸೆ.ಮಿ.	40–44 ಕೆ.ಜಿ.	–
	11–15 ವರ್ಷಗಳು	153 ಸೆ.ಮಿ.	46–50 ಕೆ.ಜಿ.	–
	11–15 ವರ್ಷಗಳು	153 ಸೆ.ಮಿ.	51–55 ಕೆ.ಜಿ.	–
	11–15 ವರ್ಷಗಳು	153 ಸೆ.ಮಿ.	56–60 ಕೆ.ಜಿ.	–
	11–15 ವರ್ಷಗಳು	153 ಸೆ.ಮಿ.	61–65 ಕೆ.ಜಿ.	–
	11–15 ವರ್ಷಗಳು	153 ಸೆ.ಮಿ.	66–70 ಕೆ.ಜಿ.	–
	11–15 ವರ್ಷಗಳು	153 ಸೆ.ಮಿ.	71–80 ಕೆ.ಜಿ.	–
ಕುಸ್ತಿ	11–15 ವರ್ಷಗಳು	153 ಸೆ.ಮಿ.	38–41 ಕೆ.ಜಿ.	ಫ್ರೀ ಸ್ಟೈಲ್
	11–15 ವರ್ಷಗಳು	153 ಸೆ.ಮಿ.	41–44 ಕೆ.ಜಿ.	ಫ್ರೀ ಸ್ಟೈಲ್
	11–15 ವರ್ಷಗಳು	153 ಸೆ.ಮಿ.	44–48 ಕೆ.ಜಿ.	ಫ್ರೀ ಸ್ಟೈಲ್
	11–15 ವರ್ಷಗಳು	153 ಸೆ.ಮಿ.	48–52 ಕೆ.ಜಿ.	ಫ್ರೀ ಸ್ಟೈಲ್
	11–15 ವರ್ಷಗಳು	153 ಸೆ.ಮಿ.	52–57 ಕೆ.ಜಿ.	ಫ್ರೀ ಸ್ಟೈಲ್
	11–15 ವರ್ಷಗಳು	153 ಸೆ.ಮಿ.	57–62 ಕೆ.ಜಿ.	ಫ್ರೀ ಸ್ಟೈಲ್
	11–15 ವರ್ಷಗಳು	153 ಸೆ.ಮಿ.	62–68 ಕೆ.ಜಿ.	ಫ್ರೀ ಸ್ಟೈಲ್
	11–15 ವರ್ಷಗಳು	153 ಸೆ.ಮಿ.	38–41 ಕೆ.ಜಿ.	ಗ್ರೀಕೋ ರೋಮನ್
	11–15 ವರ್ಷಗಳು	153 ಸೆ.ಮಿ.	41–44 ಕೆ.ಜಿ.	ಗ್ರೀಕೋ ರೋಮನ್
	11–15 ವರ್ಷಗಳು	153 ಸೆ.ಮಿ.	44–48 ಕೆ.ಜಿ.	ಗ್ರೀಕೋ ರೋಮನ್
	11–15 ವರ್ಷಗಳು	153 ಸೆ.ಮಿ.	48–52 ಕೆ.ಜಿ.	ಗ್ರೀಕೋ ರೋಮನ್
	11–15 ವರ್ಷಗಳು	153 ಸೆ.ಮಿ.	52–57 ಕೆ.ಜಿ.	ಗ್ರೀಕೋ ರೋಮನ್
	11–15 ವರ್ಷಗಳು	153 ಸೆ.ಮಿ.	57–62 ಕೆ.ಜಿ.	ಗ್ರೀಕೋ ರೋಮನ್
	11–15 ವರ್ಷಗಳು	153 ಸೆ.ಮಿ.	62–68 ಕೆ.ಜಿ.	ಗ್ರೀಕೋ ರೋಮನ್
ಸೂಚನೆ: (ಎ) ಸಮರ್ಥ ಪ್ರಾಧಿಕಾರವು ಕೊಟ್ಟಿರುವ ಮತ್ತು ಸ್ಥಾಪಿಸಿದ್ದ ಆಧಾರದ ಮೇಲೆ ಕೊನೆಯನ್ನು ಪರಿಗಣಿಸಿ ಸೂಚಿತ ವಯೋಮಿತಿಯಲ್ಲಿ ಹುದ್ದೆಗಳನ್ನು ಆಯ್ಕೆ ಮಾಡಬಹುದಾಗಿದೆ.
(ಬಿ) ಹುದುಗರನ್ನು, ಸಂಪೂರ್ಣವಾಗಿ ಅರ್ಹತೆಯ ಆಧಾರದ ಮೇಲೆ ಆಯ್ಕೆ ಮಾಡಲಾಗುವುದು.
ಪ್ರವೇಶ ರ್ಯಾಲಿ ವೇಳಾಪಟ್ಟಿ
	ಕುಸ್ತಿ	ಬಾಕ್ಸಿಂಗ್
ಸ್ಥಳ	ಹೊಂಡ ಹೊಸಗುಡ ಗೇಟ್, ಏರ್ ಫೋರ್ಸ್ ಸ್ಟೇಷನ್, ನವದೆಹಲಿ, ರೇಸ್ ಕೋರ್ಸ್, ನವ ದೆಹಲಿ.	ನಿರ್ಮಾಣ ಹಂತದ ಆಡಿಟೋರಿಯಂ, 11ASC ಹತ್ತಿರ, ಎವಿಎ ಫ್ಲೈಸಿಫ್ಟರ್ ಸಮೀಪ, ಏರ್ ಫೋರ್ಸ್ ಸ್ಟೇಷನ್, ಬೋರ್ಜಾರ್, ಗುವಾಹಟಿ, ಆಸಾಮ್–781015.
ದಿನಾಂಕ	13–16 ಫೆಬ್ರವರಿ, 2024	27 ಫೆಬ್ರವರಿ –01 ಮಾರ್ಚ್ 2024
ವರದಿ ಮಾಡುವ ಸಮಯ	08:30–11:00 ಘಂಟೆ, 13ನೇ ಫೆಬ್ರವರಿ, 24 ರಂದು	07:00–10:00 ಘಂಟೆ, 27ನೇ ಫೆಬ್ರವರಿ, 24
ದಾಖಲೆಗಳ ಪರಿಶೀಲನೆ	08:30–11:00 ಘಂಟೆ, 13ನೇ ಫೆಬ್ರವರಿ, 24 ರಂದು	07:00–10:00 ಘಂಟೆ, 27ನೇ ಫೆಬ್ರವರಿ, 24
ಪ್ರಾಯೋಗಿಕ	11:00–17:30 ಘಂಟೆ, 13ನೇ ಫೆಬ್ರವರಿ, 24	11:00–17:00 ಘಂಟೆ, 27ನೇ ಫೆಬ್ರವರಿ, 24
	08:30–13:30 ಘಂಟೆ, 14ನೇ ಫೆಬ್ರವರಿ, 24	07:00–17:00 ಘಂಟೆ, 28ನೇ ಫೆಬ್ರವರಿ, 24
ವೈದ್ಯಕೀಯ ಪರೀಕ್ಷೆ	07:00 ಘಂಟೆ ನಂತರ, 15ನೇ ಫೆಬ್ರವರಿ,	07:00 ಘಂಟೆ ನಂತರ, 29ನೇ ಫೆಬ್ರವರಿ, 24
ಕಾಯ್ದಿಟ್ಟ ದಿನ	16ನೇ ಫೆಬ್ರವರಿ, 2024	01 ಮಾರ್ಚ್, 2024
8. ಪ್ರಕಾರ ದಾಖಲೆಗಳು _ ಮೂಲ ಜನನ ಪ್ರಮಾಣ ಪತ್ರ, ಆಧಾರ್ ಕಾರ್ಡ್, ಶೈಕ್ಷಣಿಕ ಮತ್ತು ಕ್ರೀಡಾ ಪ್ರಮಾಣ ಪತ್ರಗಳು ಹಾಗೂ ಪಾಸ್‌ಪೋರ್ಟ್ ಅಳತೆಯ 04 ಬಣ್ಣದ ಛಾಯಾಚಿತ್ರಗಳು.
9. ಊಟಿ /ಊಟ /ವಾಸ: ನಿಮ್ಮ ಸ್ವಂತ ವ್ಯವಸ್ಥೆಯಲ್ಲಿ (ಪ್ರದೇಶ ರ್ಯಾಲಿ ಸಾಲಸ್ತ್ರೆ)
10. ವಿವರಗಳಿಗಾಗಿ ಫೋನ್ ನಂ. 011–23014160 ಅನ್ನು ಬೆಳಗ್ಗೆ 0900 ರಿಂದ 17.30 ಘಂಟೆ ವರೆಗೆ ಸಂಪರ್ಕಿಸಿ. or ಇ–ಮೇಲ್ : bluesport.3@gov.in
ಸೂಚನೆ: (ಎ) ಈ ಆಯ್ಕೆ ಪ್ರಕ್ರಿಯೆ ಭಾರತೀಯ ವಾಯುಪಡೆಯಲ್ಲಿ ಉದ್ಯೋಗಕ್ಕಾಗಿ ಅಲ್ಲ.
(ಬಿ) ಪ್ರಚಾರದ /ಸಂದೇಹಗಳಿಂದ ದಾಖಲಪಟ್ಟ ಎಲ್ಲರದಿಂದಲೂ, ಅರ್ಹತೆ ಅರ್ಹತೆ ಮೇಲೆ ಮಾತ್ರ ನಡೆಸುವುದು
Cbc – 10802/11/0047/2324
